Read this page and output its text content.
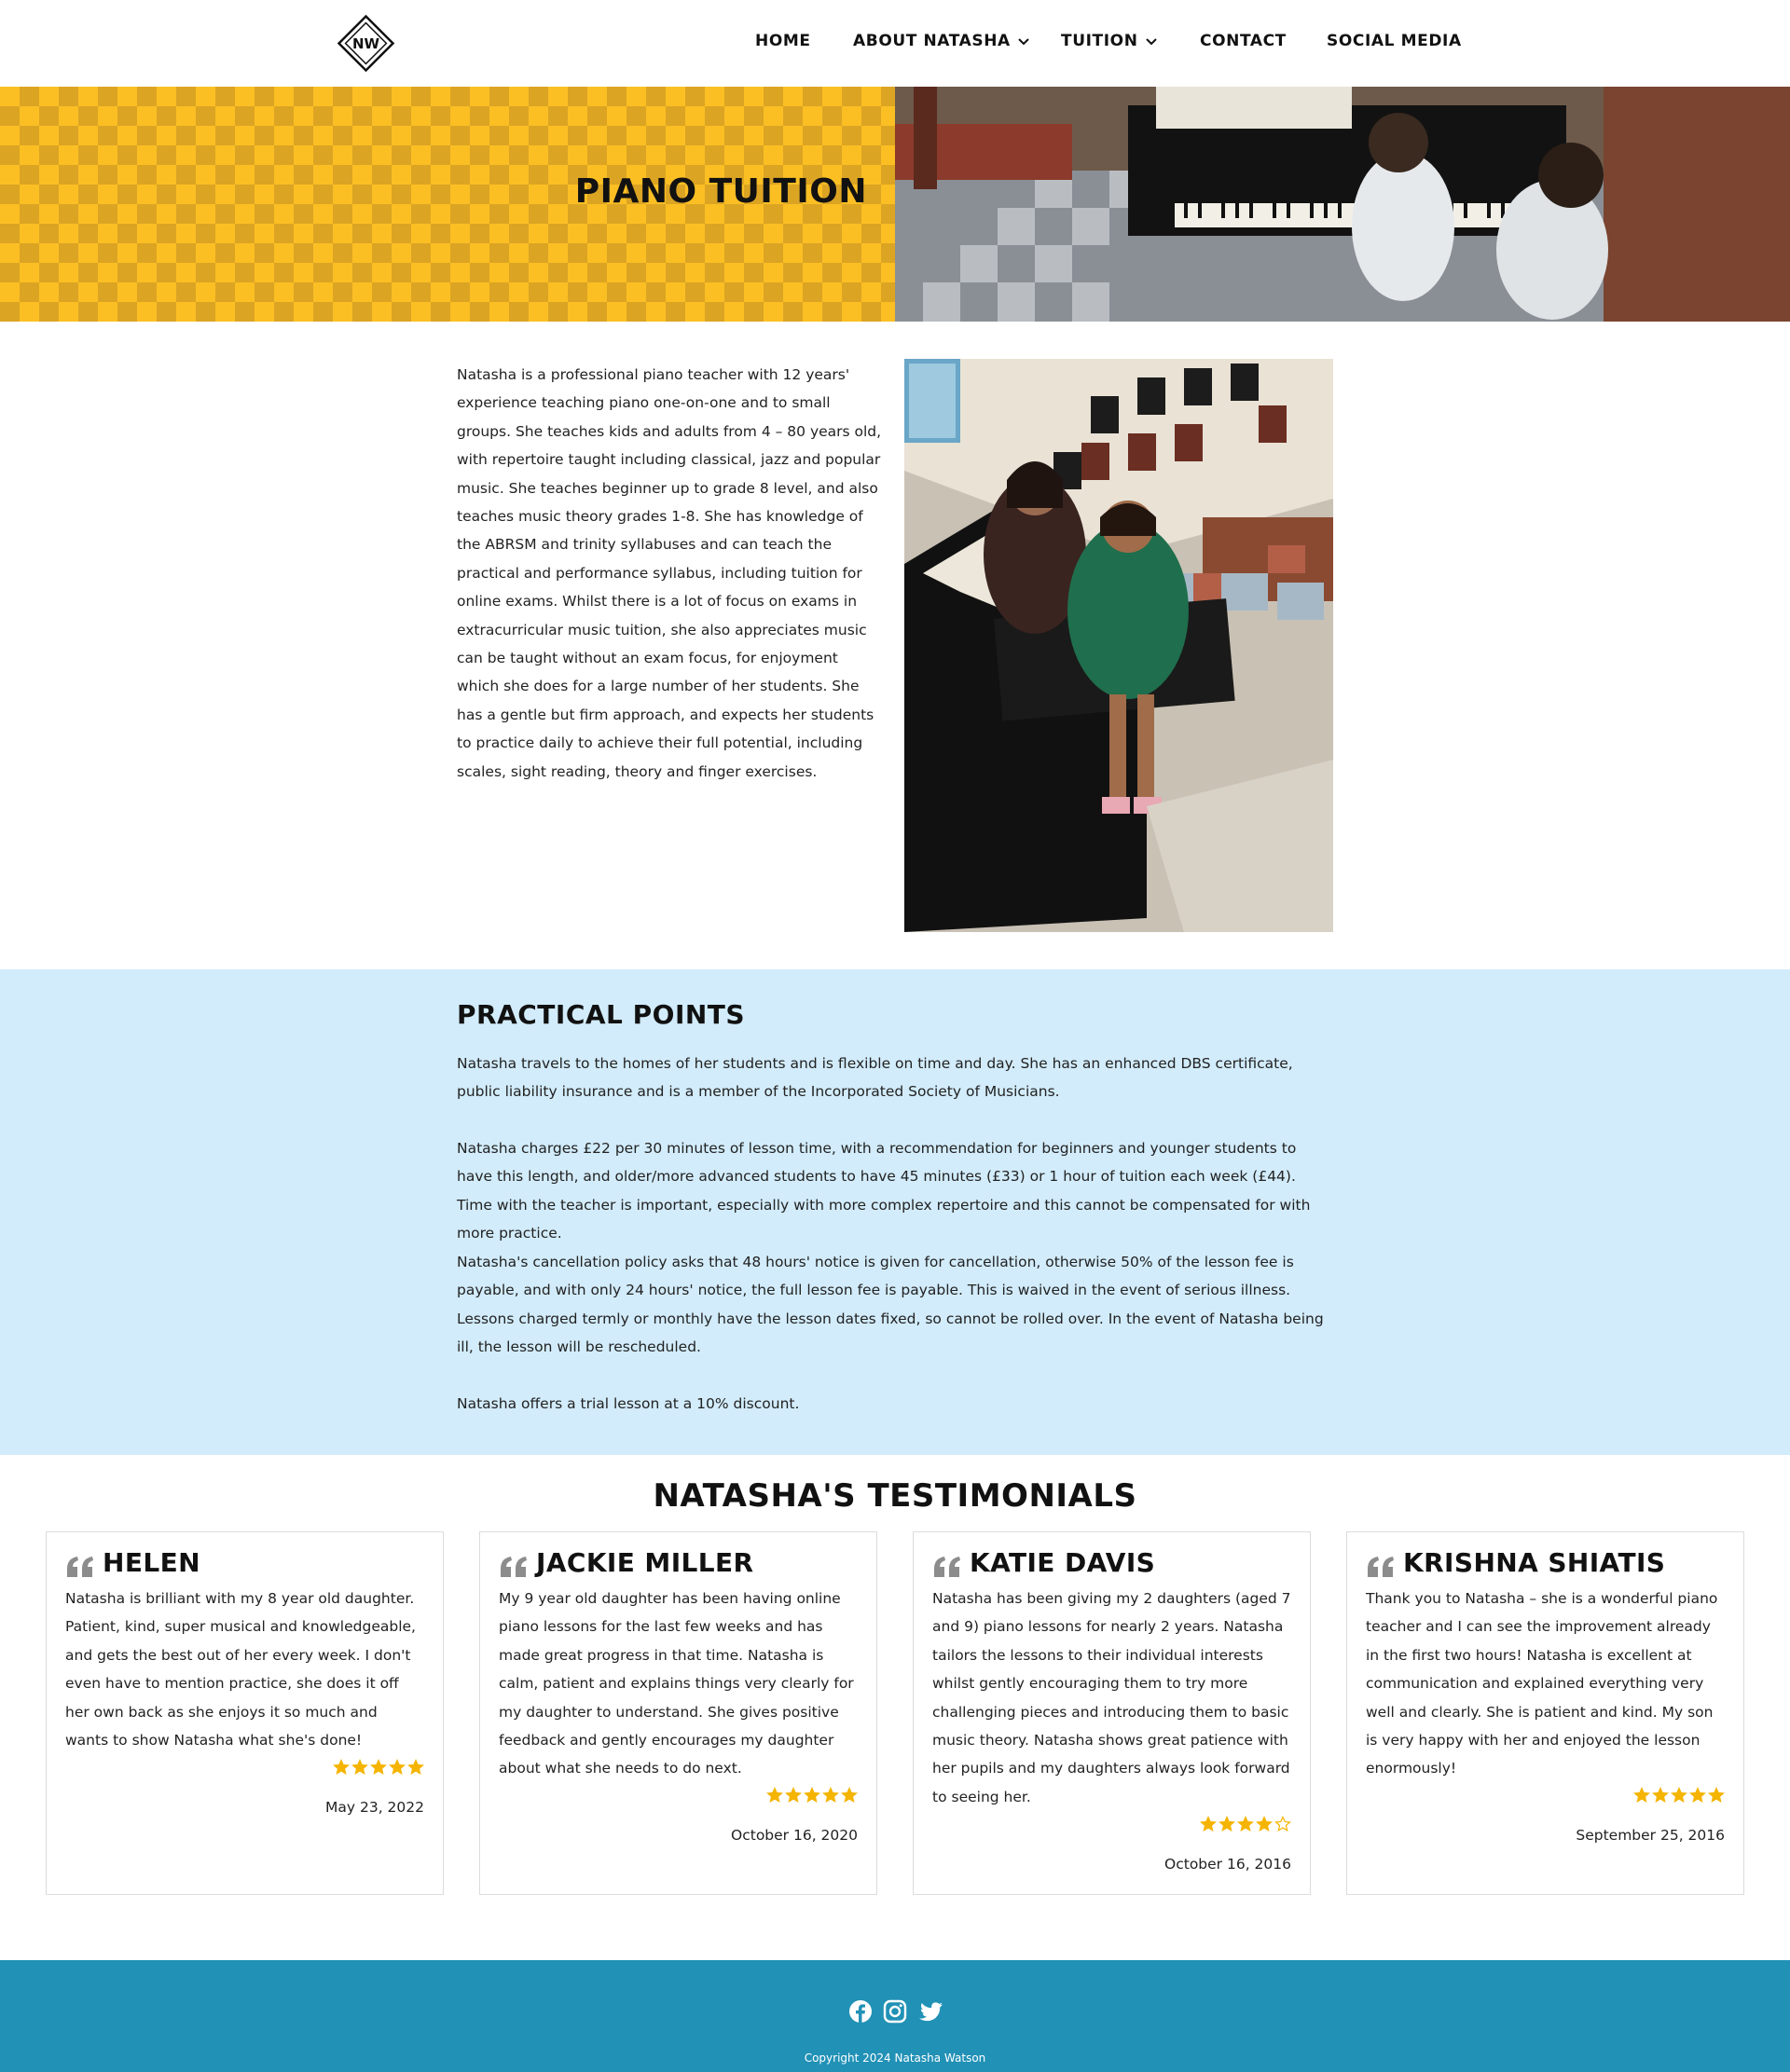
NW	HOME	ABOUT NATASHA	TUITION	CONTACT	SOCIAL MEDIA
PIANO TUITION

Natasha is a professional piano teacher with 12 years' experience teaching piano one-on-one and to small groups. She teaches kids and adults from 4 – 80 years old, with repertoire taught including classical, jazz and popular music. She teaches beginner up to grade 8 level, and also teaches music theory grades 1-8. She has knowledge of the ABRSM and trinity syllabuses and can teach the practical and performance syllabus, including tuition for online exams. Whilst there is a lot of focus on exams in extracurricular music tuition, she also appreciates music can be taught without an exam focus, for enjoyment which she does for a large number of her students. She has a gentle but firm approach, and expects her students to practice daily to achieve their full potential, including scales, sight reading, theory and finger exercises.

PRACTICAL POINTS

Natasha travels to the homes of her students and is flexible on time and day. She has an enhanced DBS certificate, public liability insurance and is a member of the Incorporated Society of Musicians.

Natasha charges £22 per 30 minutes of lesson time, with a recommendation for beginners and younger students to have this length, and older/more advanced students to have 45 minutes (£33) or 1 hour of tuition each week (£44). Time with the teacher is important, especially with more complex repertoire and this cannot be compensated for with more practice.

Natasha's cancellation policy asks that 48 hours' notice is given for cancellation, otherwise 50% of the lesson fee is payable, and with only 24 hours' notice, the full lesson fee is payable. This is waived in the event of serious illness. Lessons charged termly or monthly have the lesson dates fixed, so cannot be rolled over. In the event of Natasha being ill, the lesson will be rescheduled.

Natasha offers a trial lesson at a 10% discount.

NATASHA'S TESTIMONIALS
HELEN

Natasha is brilliant with my 8 year old daughter. Patient, kind, super musical and knowledgeable, and gets the best out of her every week. I don't even have to mention practice, she does it off her own back as she enjoys it so much and wants to show Natasha what she's done!

May 23, 2022
JACKIE MILLER

My 9 year old daughter has been having online piano lessons for the last few weeks and has made great progress in that time. Natasha is calm, patient and explains things very clearly for my daughter to understand. She gives positive feedback and gently encourages my daughter about what she needs to do next.

October 16, 2020
KATIE DAVIS

Natasha has been giving my 2 daughters (aged 7 and 9) piano lessons for nearly 2 years. Natasha tailors the lessons to their individual interests whilst gently encouraging them to try more challenging pieces and introducing them to basic music theory. Natasha shows great patience with her pupils and my daughters always look forward to seeing her.

October 16, 2016
KRISHNA SHIATIS

Thank you to Natasha – she is a wonderful piano teacher and I can see the improvement already in the first two hours! Natasha is excellent at communication and explained everything very well and clearly. She is patient and kind. My son is very happy with her and enjoyed the lesson enormously!

September 25, 2016
Copyright 2024 Natasha Watson
